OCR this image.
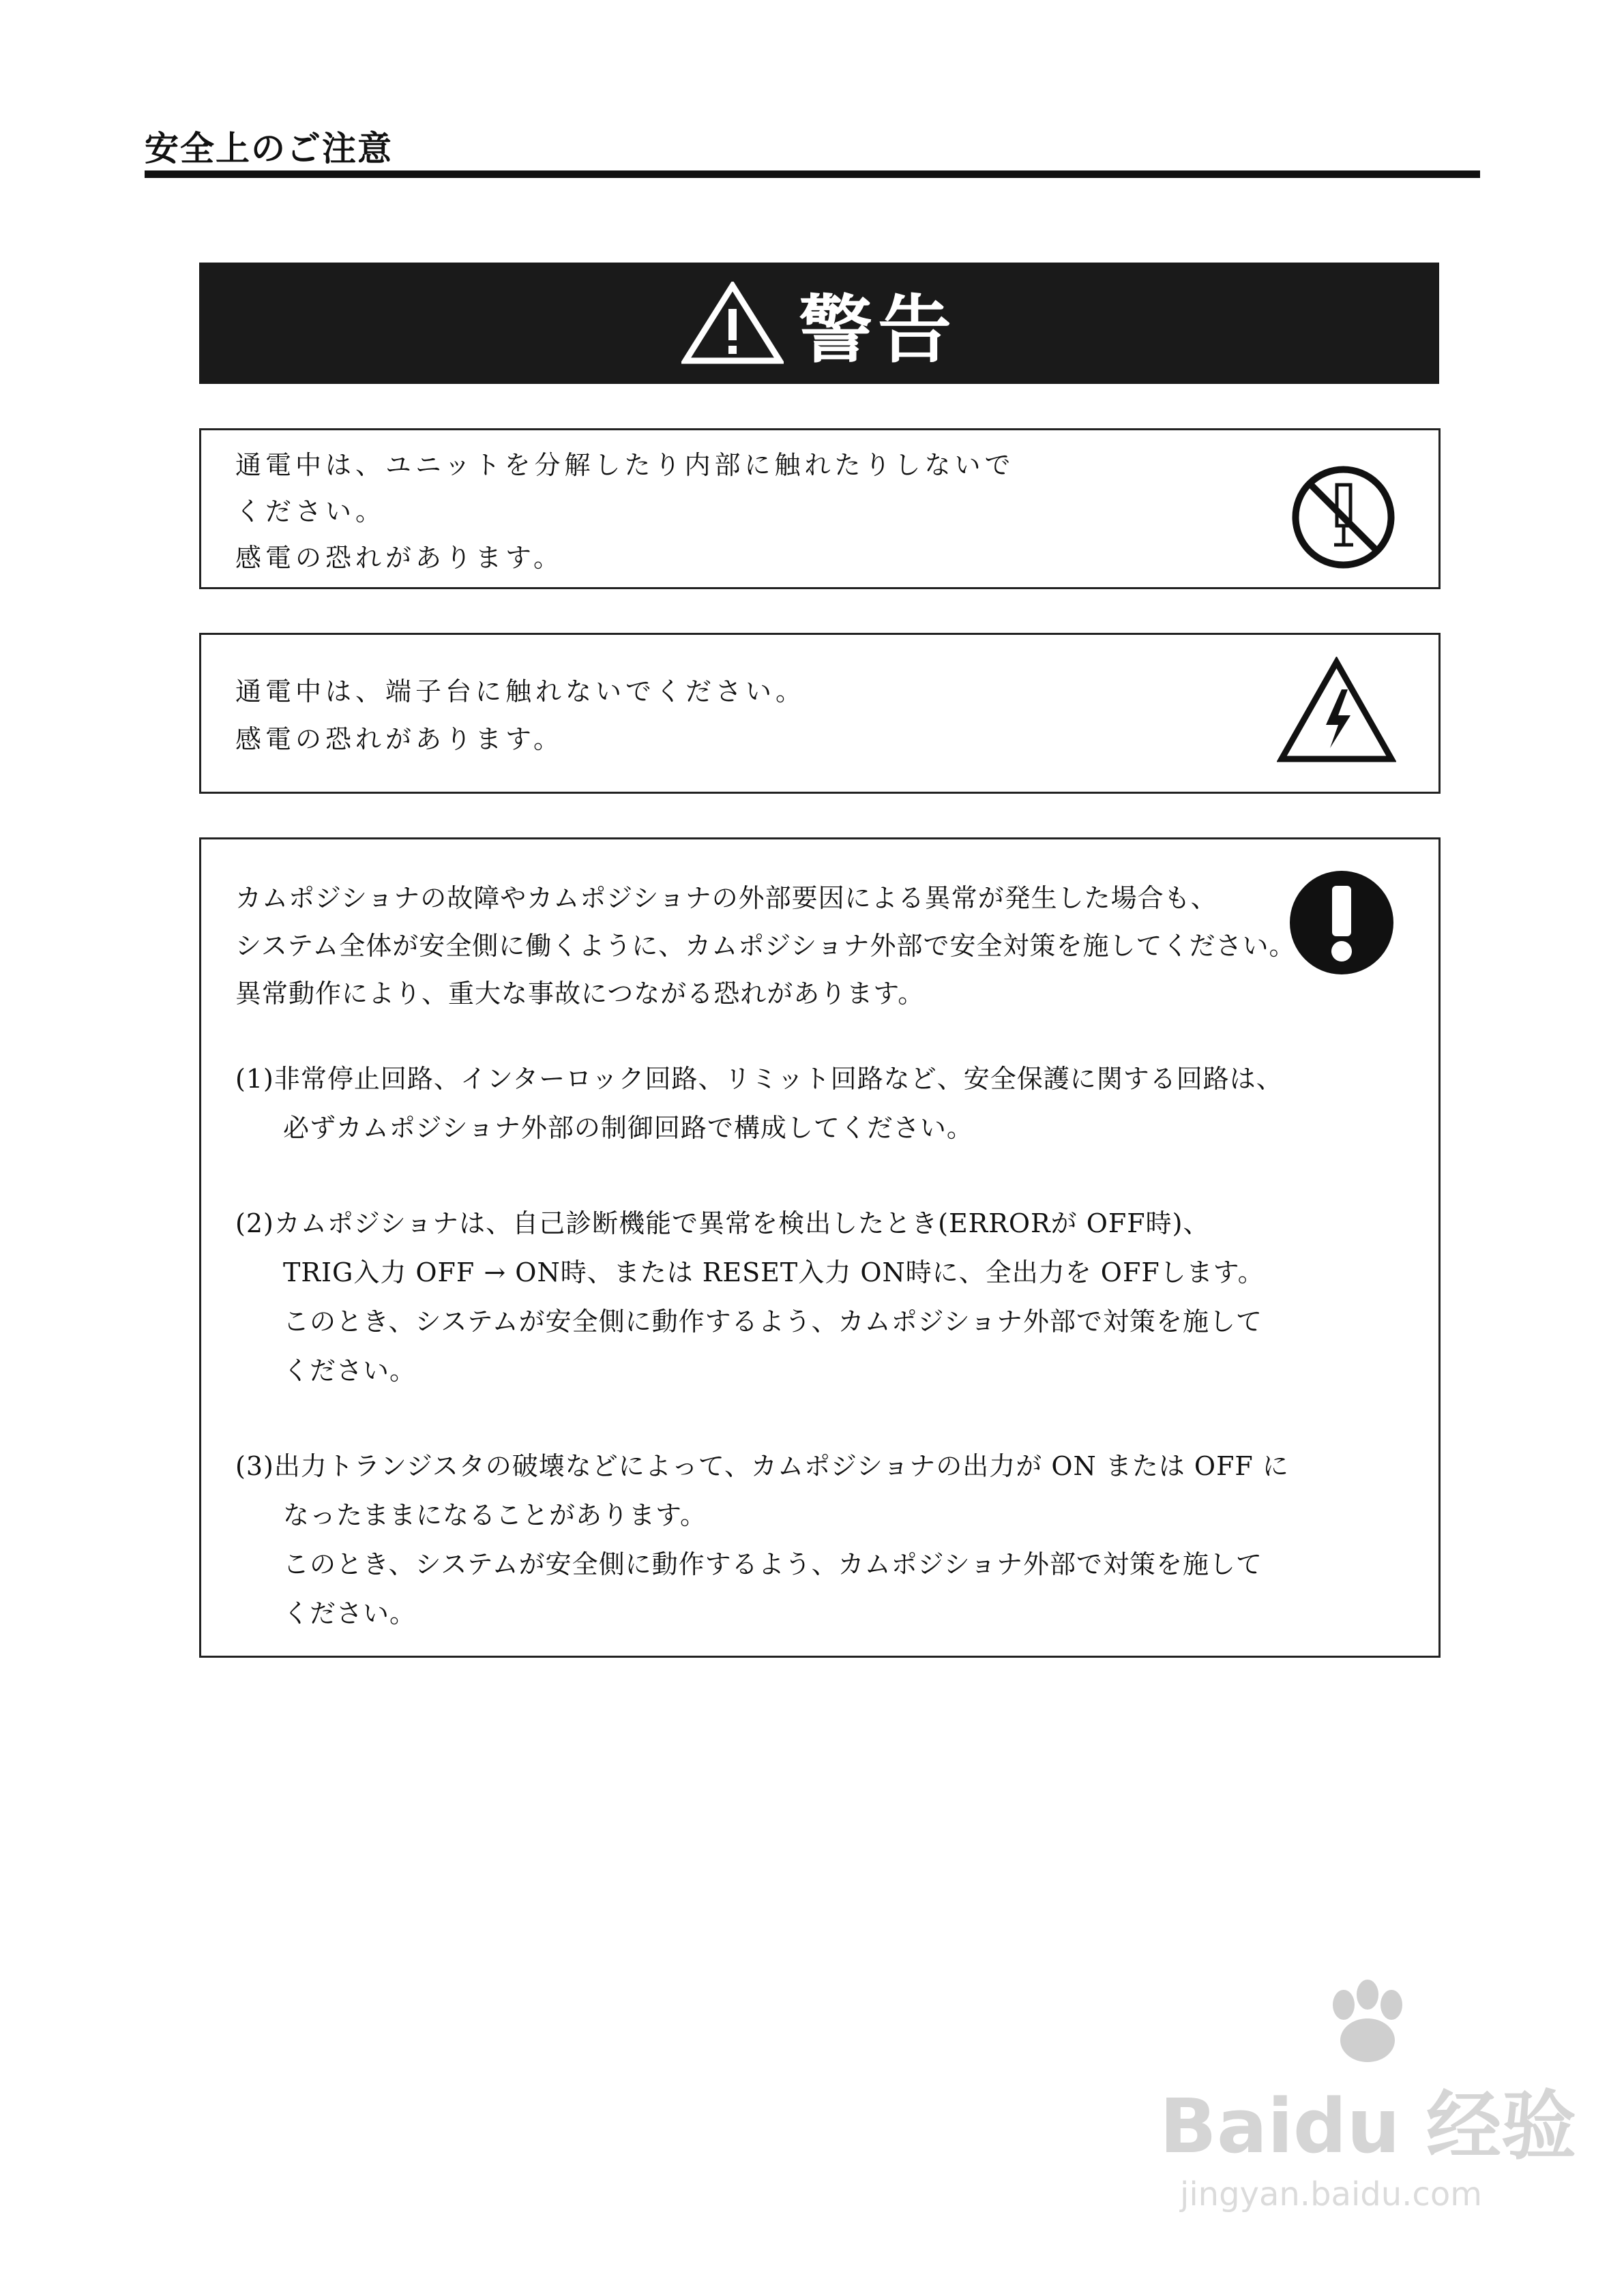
安全上のご注意
警告
通電中は、ユニットを分解したり内部に触れたりしないで
ください。
感電の恐れがあります。
通電中は、端子台に触れないでください。
感電の恐れがあります。
カムポジショナの故障やカムポジショナの外部要因による異常が発生した場合も、
システム全体が安全側に働くように、カムポジショナ外部で安全対策を施してください。
異常動作により、重大な事故につながる恐れがあります。
(1)非常停止回路、インターロック回路、リミット回路など、安全保護に関する回路は、
必ずカムポジショナ外部の制御回路で構成してください。
(2)カムポジショナは、自己診断機能で異常を検出したとき(ERRORが OFF時)、
TRIG入力 OFF → ON時、または RESET入力 ON時に、全出力を OFFします。
このとき、システムが安全側に動作するよう、カムポジショナ外部で対策を施して
ください。
(3)出力トランジスタの破壊などによって、カムポジショナの出力が ON または OFF に
なったままになることがあります。
このとき、システムが安全側に動作するよう、カムポジショナ外部で対策を施して
ください。
Baidu 经验
jingyan.baidu.com
